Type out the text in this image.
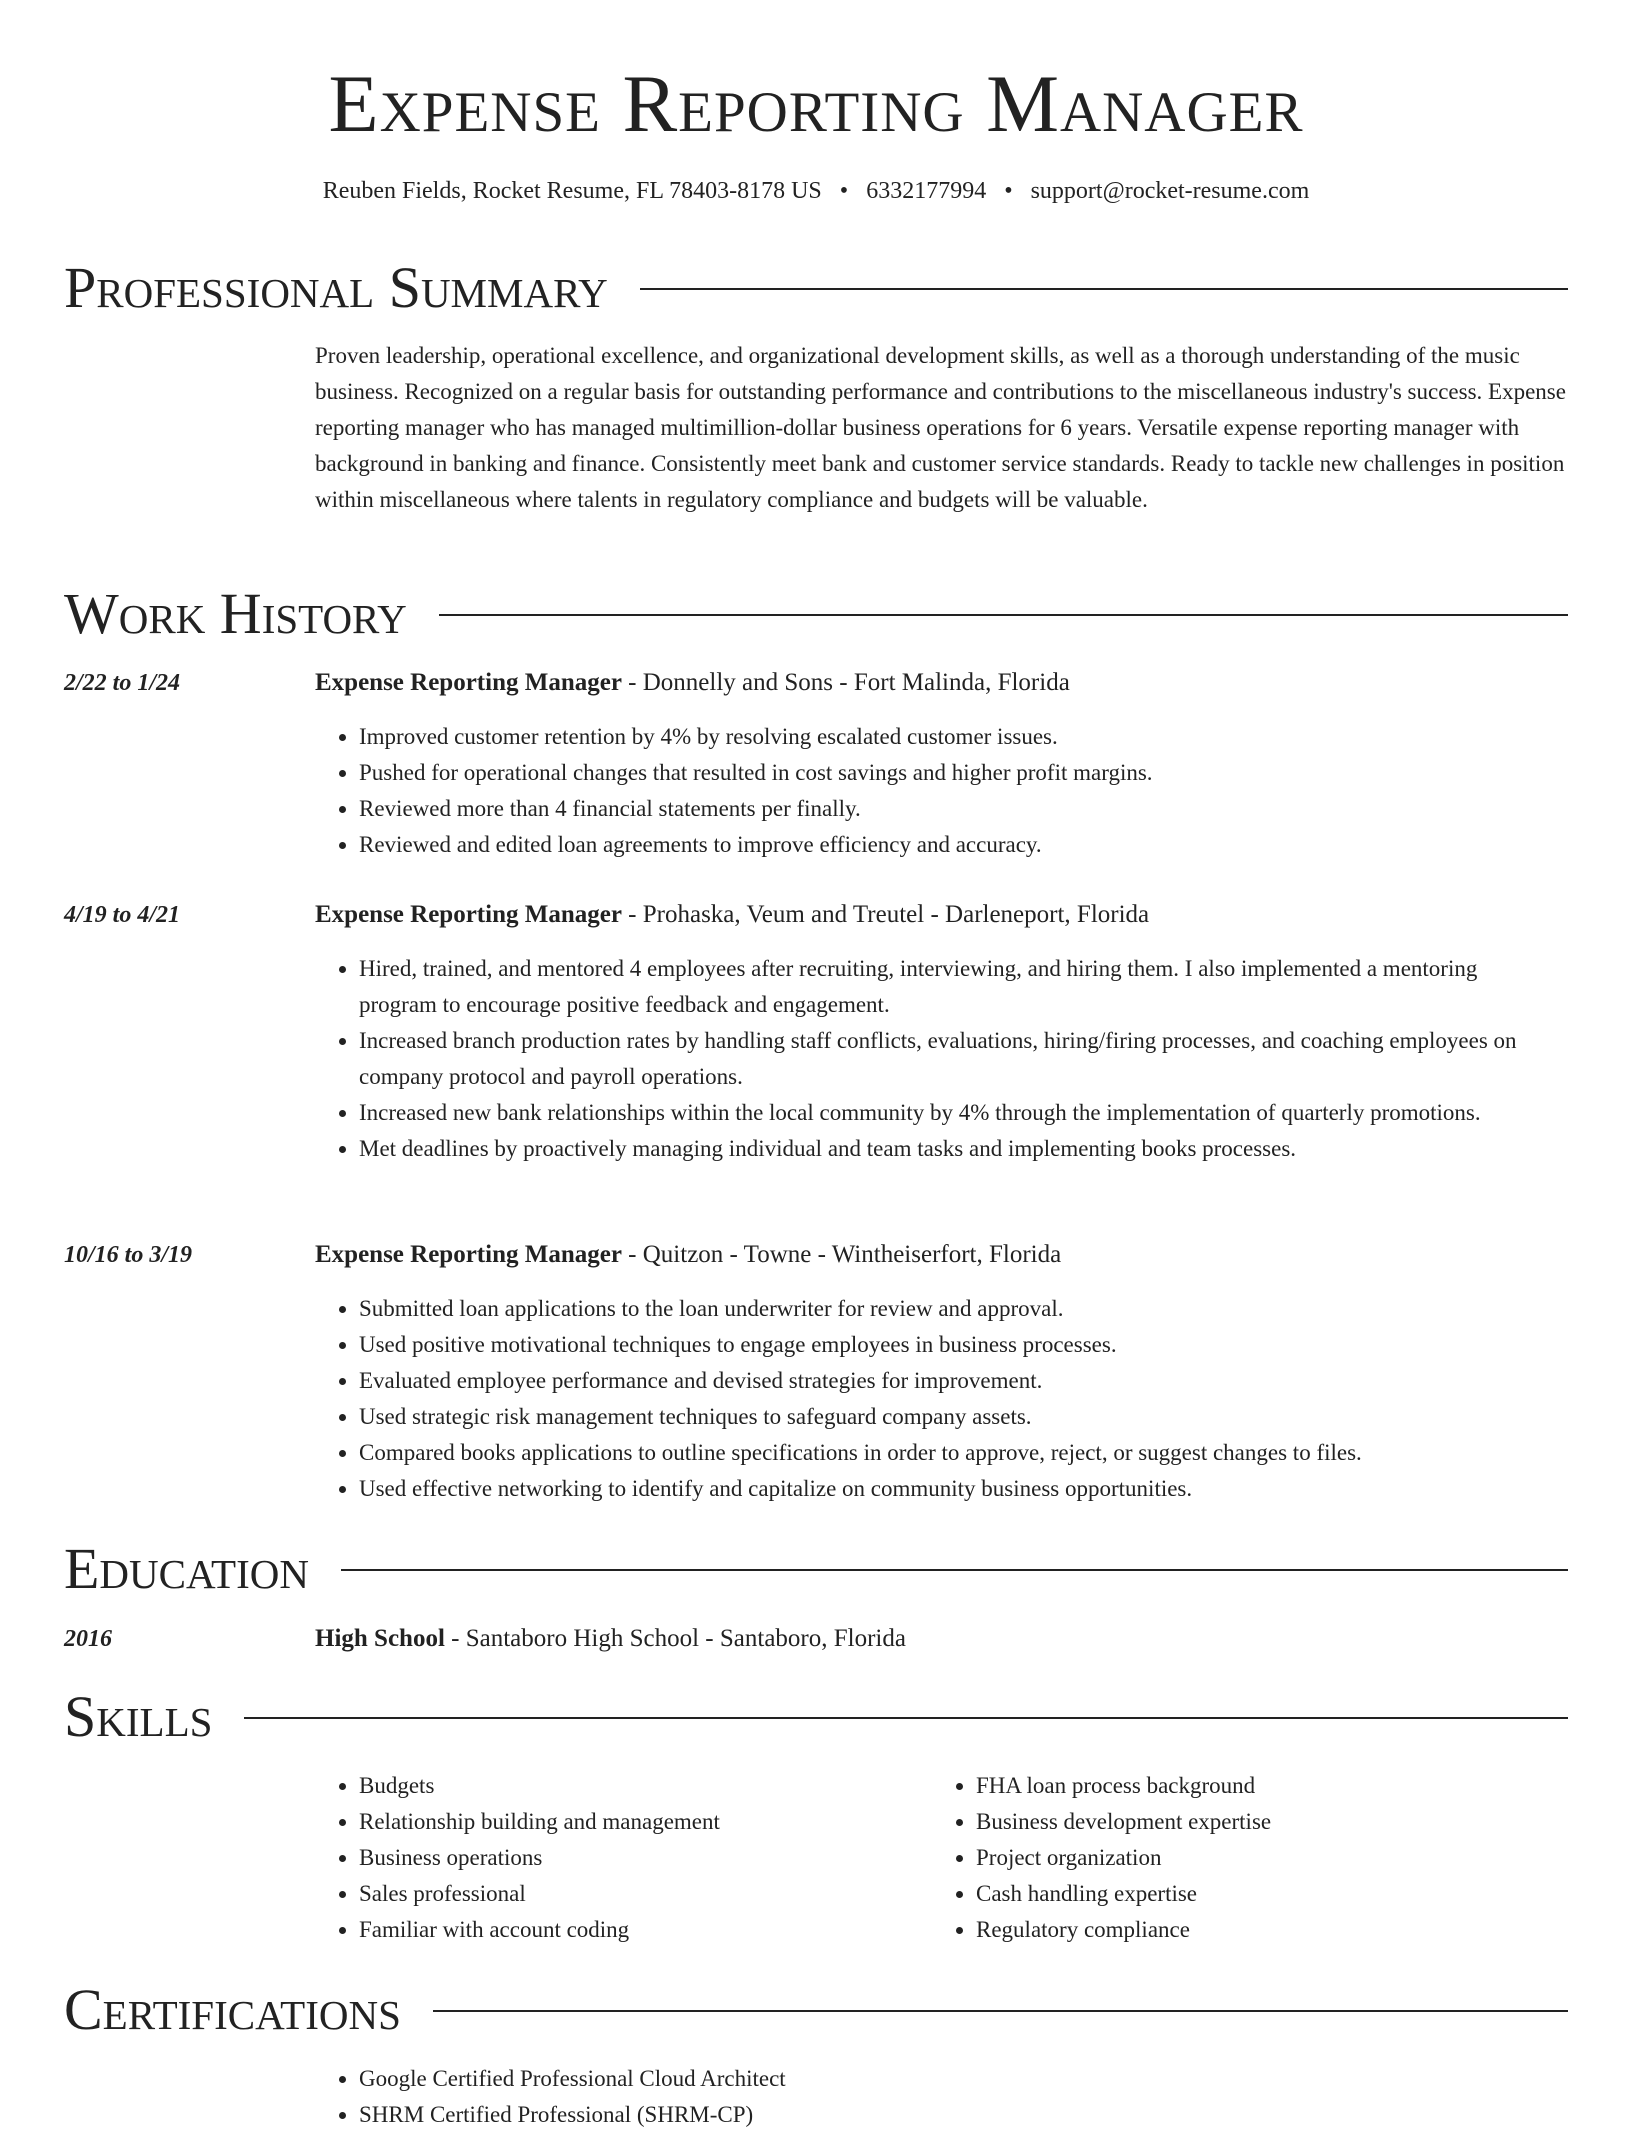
Expense Reporting Manager
Reuben Fields, Rocket Resume, FL 78403-8178 US • 6332177994 • support@rocket-resume.com
Professional Summary

Proven leadership, operational excellence, and organizational development skills, as well as a thorough understanding of the music business. Recognized on a regular basis for outstanding performance and contributions to the miscellaneous industry's success. Expense reporting manager who has managed multimillion-dollar business operations for 6 years. Versatile expense reporting manager with background in banking and finance. Consistently meet bank and customer service standards. Ready to tackle new challenges in position within miscellaneous where talents in regulatory compliance and budgets will be valuable.

Work History
2/22 to 1/24	Expense Reporting Manager - Donnelly and Sons - Fort Malinda, Florida
• Improved customer retention by 4% by resolving escalated customer issues.
• Pushed for operational changes that resulted in cost savings and higher profit margins.
• Reviewed more than 4 financial statements per finally.
• Reviewed and edited loan agreements to improve efficiency and accuracy.
4/19 to 4/21	Expense Reporting Manager - Prohaska, Veum and Treutel - Darleneport, Florida
• Hired, trained, and mentored 4 employees after recruiting, interviewing, and hiring them. I also implemented a mentoring program to encourage positive feedback and engagement.
• Increased branch production rates by handling staff conflicts, evaluations, hiring/firing processes, and coaching employees on company protocol and payroll operations.
• Increased new bank relationships within the local community by 4% through the implementation of quarterly promotions.
• Met deadlines by proactively managing individual and team tasks and implementing books processes.
10/16 to 3/19	Expense Reporting Manager - Quitzon - Towne - Wintheiserfort, Florida
• Submitted loan applications to the loan underwriter for review and approval.
• Used positive motivational techniques to engage employees in business processes.
• Evaluated employee performance and devised strategies for improvement.
• Used strategic risk management techniques to safeguard company assets.
• Compared books applications to outline specifications in order to approve, reject, or suggest changes to files.
• Used effective networking to identify and capitalize on community business opportunities.
Education
2016	High School - Santaboro High School - Santaboro, Florida
Skills
• Budgets
• Relationship building and management
• Business operations
• Sales professional
• Familiar with account coding
• FHA loan process background
• Business development expertise
• Project organization
• Cash handling expertise
• Regulatory compliance
Certifications
• Google Certified Professional Cloud Architect
• SHRM Certified Professional (SHRM-CP)
